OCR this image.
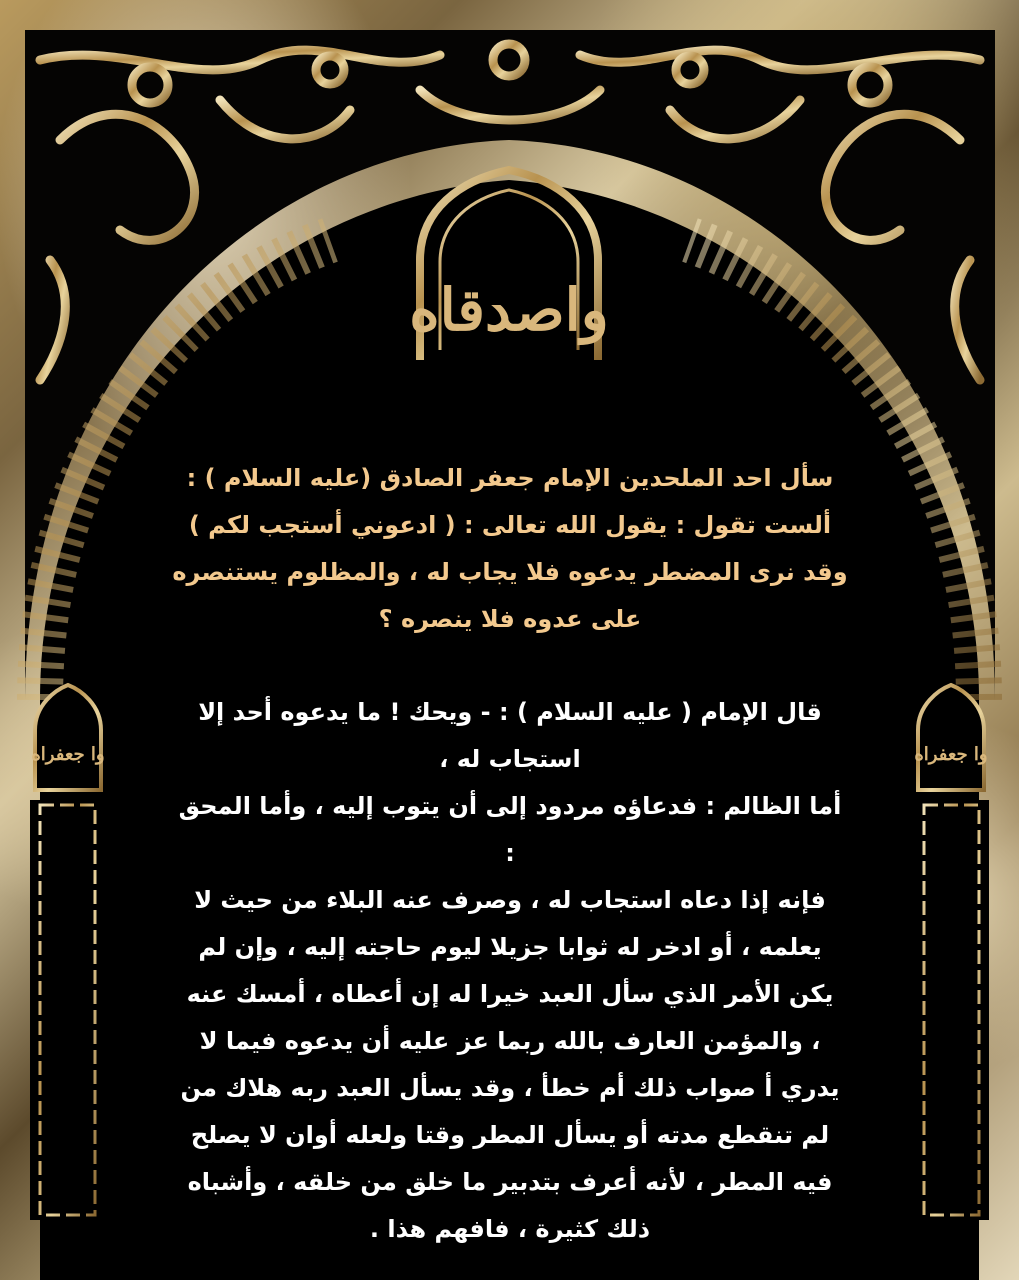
واصدقاه
وا جعفراه	وا جعفراه
سأل احد الملحدين الإمام جعفر الصادق (عليه السلام ) :
ألست تقول : يقول الله تعالى : ( ادعوني أستجب لكم )
وقد نرى المضطر يدعوه فلا يجاب له ، والمظلوم يستنصره
على عدوه فلا ينصره ؟
قال الإمام ( عليه السلام ) : - ويحك ! ما يدعوه أحد إلا
استجاب له ،
أما الظالم : فدعاؤه مردود إلى أن يتوب إليه ، وأما المحق :
فإنه إذا دعاه استجاب له ، وصرف عنه البلاء من حيث لا
يعلمه ، أو ادخر له ثوابا جزيلا ليوم حاجته إليه ، وإن لم
يكن الأمر الذي سأل العبد خيرا له إن أعطاه ، أمسك عنه
، والمؤمن العارف بالله ربما عز عليه أن يدعوه فيما لا
يدري أ صواب ذلك أم خطأ ، وقد يسأل العبد ربه هلاك من
لم تنقطع مدته أو يسأل المطر وقتا ولعله أوان لا يصلح
فيه المطر ، لأنه أعرف بتدبير ما خلق من خلقه ، وأشباه
ذلك كثيرة ، فافهم هذا .
